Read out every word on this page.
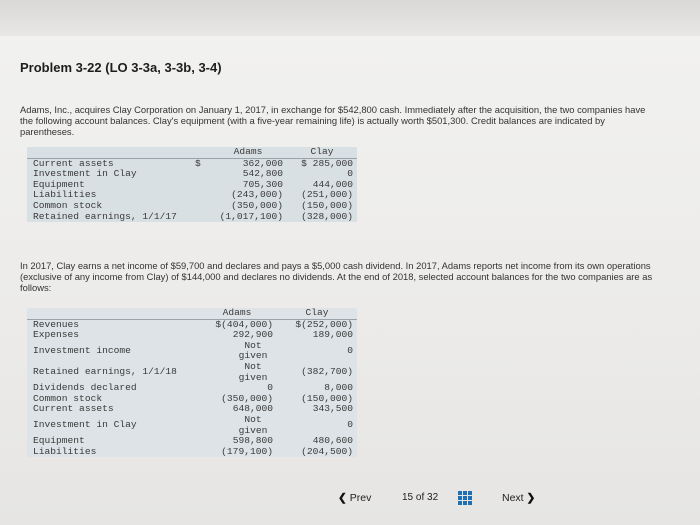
Problem 3-22 (LO 3-3a, 3-3b, 3-4)
Adams, Inc., acquires Clay Corporation on January 1, 2017, in exchange for $542,800 cash. Immediately after the acquisition, the two companies have the following account balances. Clay's equipment (with a five-year remaining life) is actually worth $501,300. Credit balances are indicated by parentheses.
		Adams	Clay
Current assets	$	362,000	$ 285,000
Investment in Clay		542,800	0
Equipment		705,300	444,000
Liabilities		(243,000)	(251,000)
Common stock		(350,000)	(150,000)
Retained earnings, 1/1/17		(1,017,100)	(328,000)
In 2017, Clay earns a net income of $59,700 and declares and pays a $5,000 cash dividend. In 2017, Adams reports net income from its own operations (exclusive of any income from Clay) of $144,000 and declares no dividends. At the end of 2018, selected account balances for the two companies are as follows:
	Adams	Clay
Revenues	$(404,000)	$(252,000)
Expenses	292,900	189,000
Investment income	Not given	0
Retained earnings, 1/1/18	Not given	(382,700)
Dividends declared	0	8,000
Common stock	(350,000)	(150,000)
Current assets	648,000	343,500
Investment in Clay	Not given	0
Equipment	598,800	480,600
Liabilities	(179,100)	(204,500)
❮ Prev	15 of 32	Next ❯
